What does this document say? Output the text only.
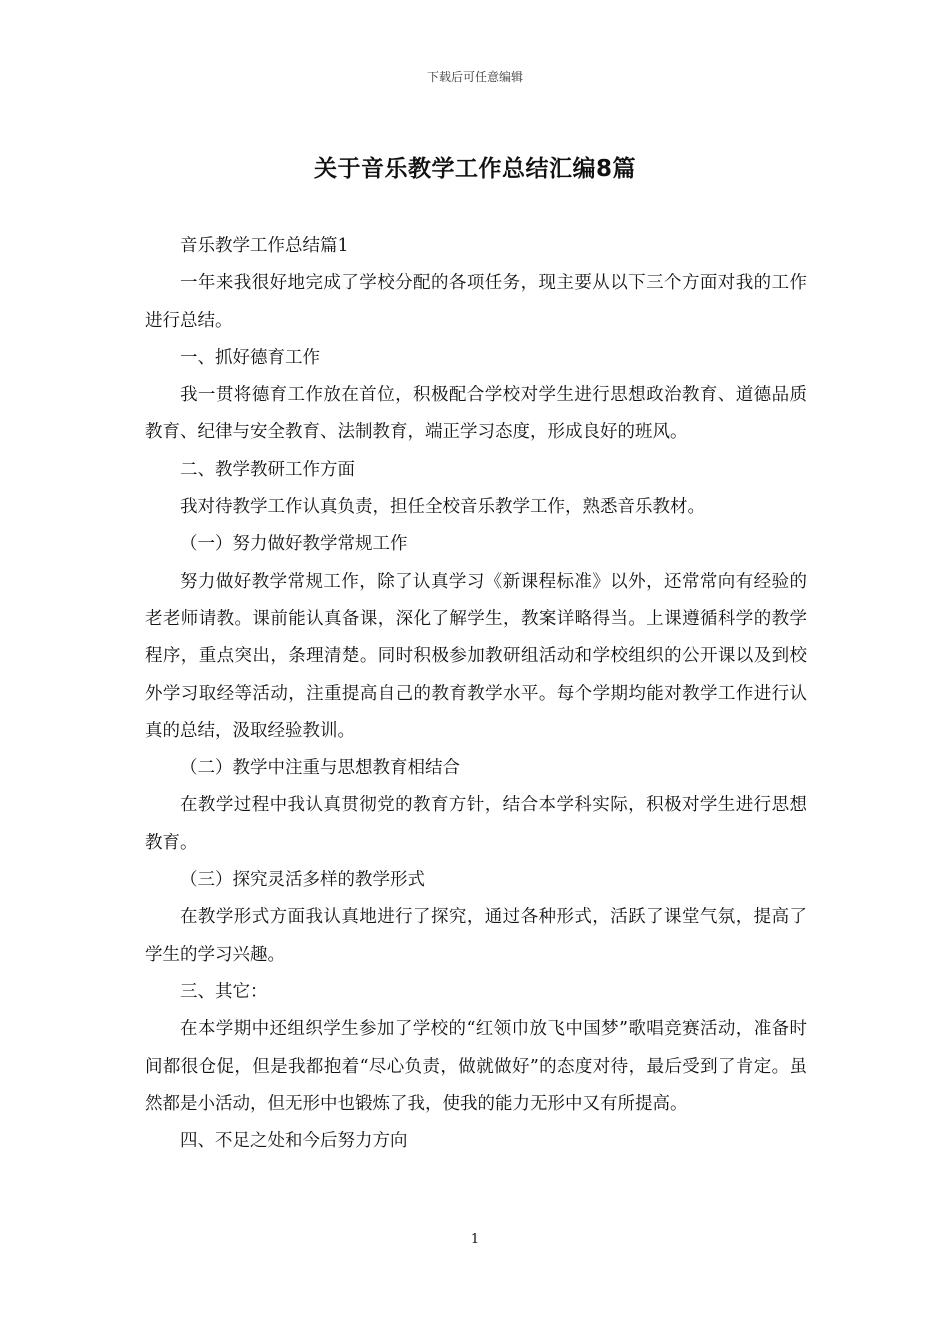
下载后可任意编辑
关于音乐教学工作总结汇编8篇

音乐教学工作总结篇1

一年来我很好地完成了学校分配的各项任务，现主要从以下三个方面对我的工作进行总结。

一、抓好德育工作

我一贯将德育工作放在首位，积极配合学校对学生进行思想政治教育、道德品质教育、纪律与安全教育、法制教育，端正学习态度，形成良好的班风。

二、教学教研工作方面

我对待教学工作认真负责，担任全校音乐教学工作，熟悉音乐教材。

（一）努力做好教学常规工作

努力做好教学常规工作，除了认真学习《新课程标准》以外，还常常向有经验的老老师请教。课前能认真备课，深化了解学生，教案详略得当。上课遵循科学的教学程序，重点突出，条理清楚。同时积极参加教研组活动和学校组织的公开课以及到校外学习取经等活动，注重提高自己的教育教学水平。每个学期均能对教学工作进行认真的总结，汲取经验教训。

（二）教学中注重与思想教育相结合

在教学过程中我认真贯彻党的教育方针，结合本学科实际，积极对学生进行思想教育。

（三）探究灵活多样的教学形式

在教学形式方面我认真地进行了探究，通过各种形式，活跃了课堂气氛，提高了学生的学习兴趣。

三、其它：

在本学期中还组织学生参加了学校的“红领巾放飞中国梦”歌唱竞赛活动，准备时间都很仓促，但是我都抱着“尽心负责，做就做好”的态度对待，最后受到了肯定。虽然都是小活动，但无形中也锻炼了我，使我的能力无形中又有所提高。

四、不足之处和今后努力方向

1
